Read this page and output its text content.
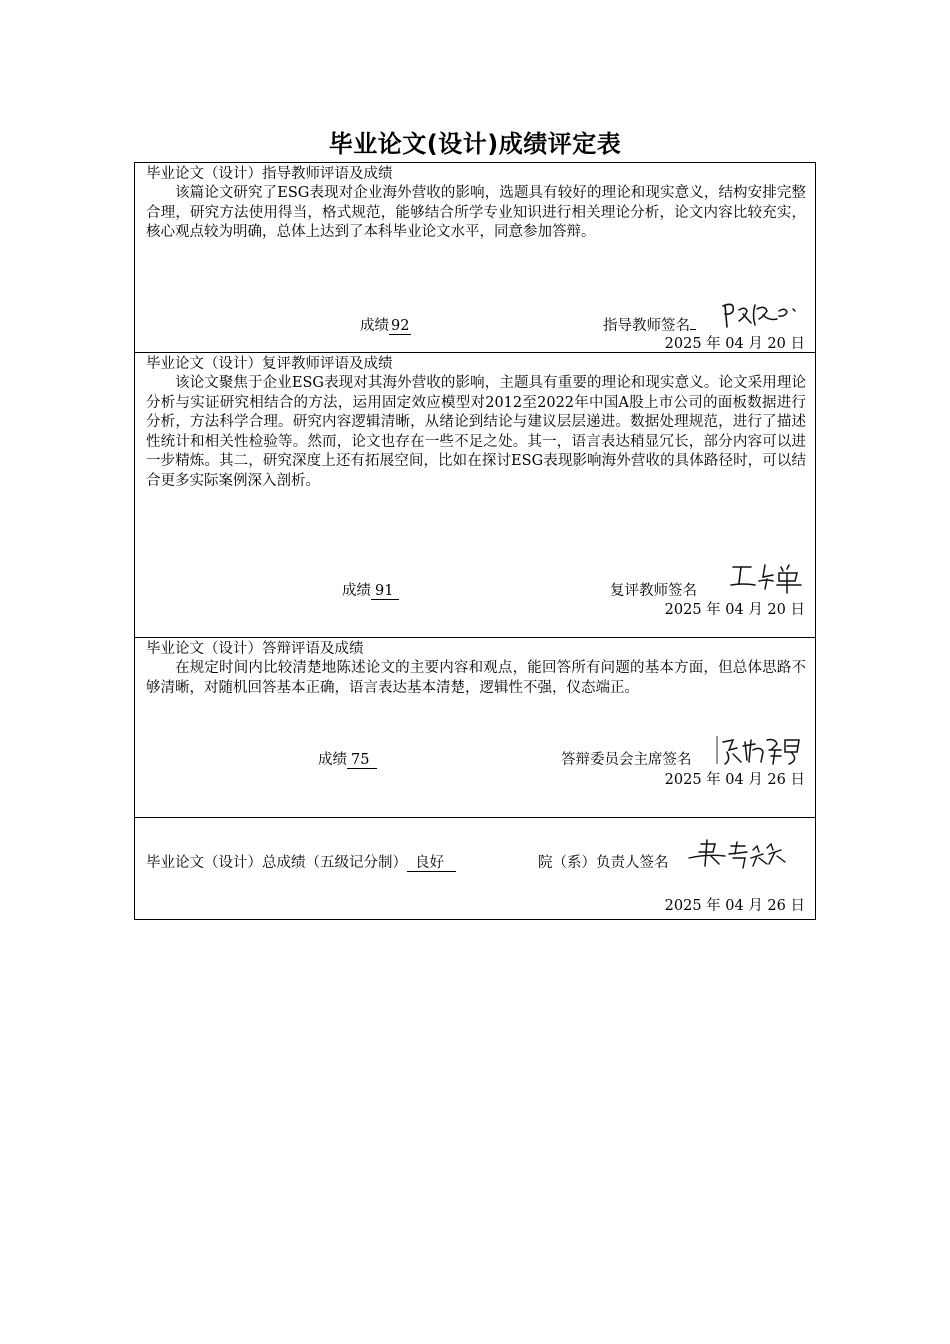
毕业论文(设计)成绩评定表
毕业论文（设计）指导教师评语及成绩
该篇论文研究了ESG表现对企业海外营收的影响，选题具有较好的理论和现实意义，结构安排完整合理，研究方法使用得当，格式规范，能够结合所学专业知识进行相关理论分析，论文内容比较充实，核心观点较为明确，总体上达到了本科毕业论文水平，同意参加答辩。
成绩 92	指导教师签名
2025 年 04 月 20 日
毕业论文（设计）复评教师评语及成绩
该论文聚焦于企业ESG表现对其海外营收的影响，主题具有重要的理论和现实意义。论文采用理论分析与实证研究相结合的方法，运用固定效应模型对2012至2022年中国A股上市公司的面板数据进行分析，方法科学合理。研究内容逻辑清晰，从绪论到结论与建议层层递进。数据处理规范，进行了描述性统计和相关性检验等。然而，论文也存在一些不足之处。其一，语言表达稍显冗长，部分内容可以进一步精炼。其二，研究深度上还有拓展空间，比如在探讨ESG表现影响海外营收的具体路径时，可以结合更多实际案例深入剖析。
成绩 91	复评教师签名
2025 年 04 月 20 日
毕业论文（设计）答辩评语及成绩
在规定时间内比较清楚地陈述论文的主要内容和观点，能回答所有问题的基本方面，但总体思路不够清晰，对随机回答基本正确，语言表达基本清楚，逻辑性不强，仪态端正。
成绩 75	答辩委员会主席签名
2025 年 04 月 26 日
毕业论文（设计）总成绩（五级记分制） 良好	院（系）负责人签名
2025 年 04 月 26 日
